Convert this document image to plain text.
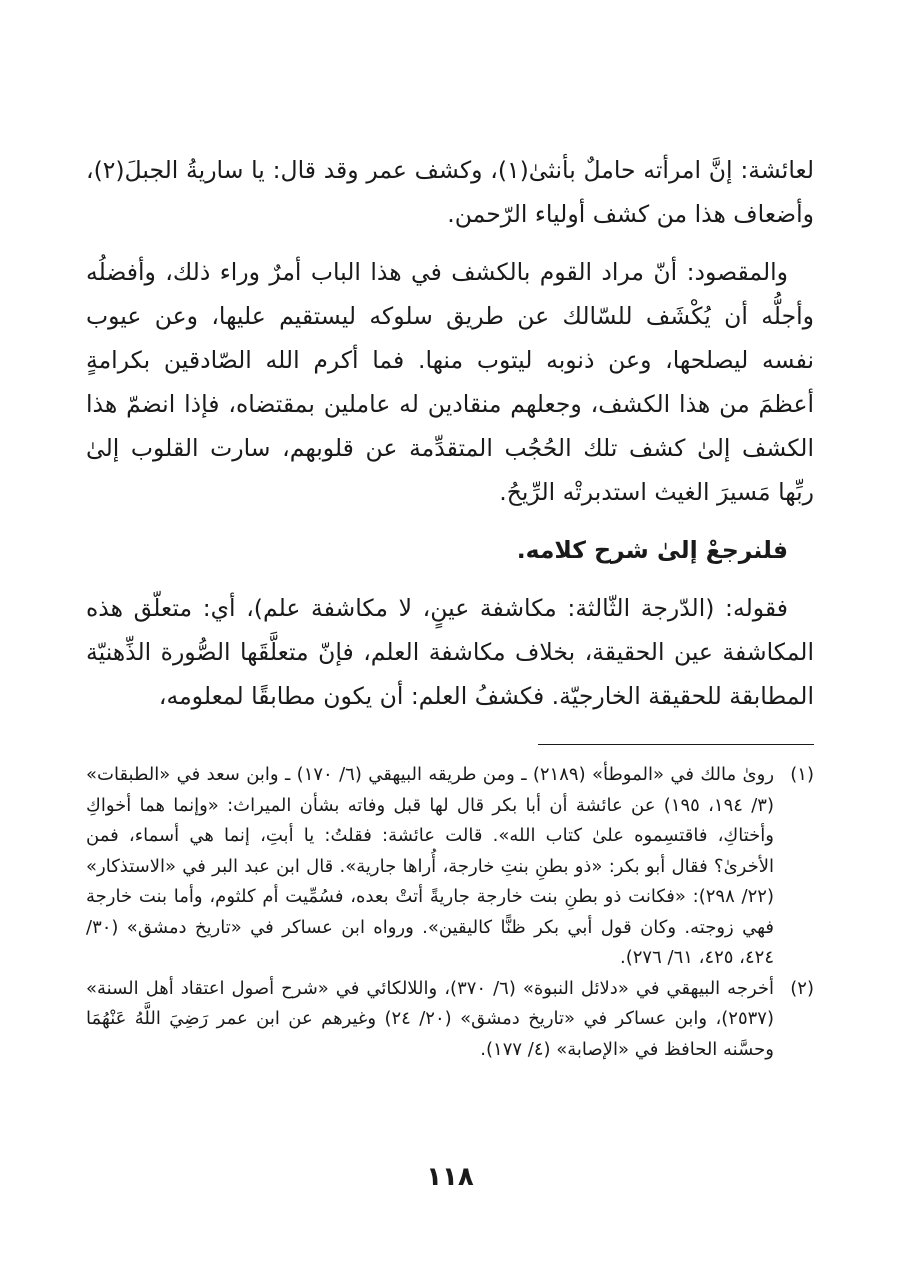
لعائشة: إنَّ امرأته حاملٌ بأنثىٰ(١)، وكشف عمر وقد قال: يا ساريةُ الجبلَ(٢)، وأضعاف هذا من كشف أولياء الرّحمن.

والمقصود: أنّ مراد القوم بالكشف في هذا الباب أمرٌ وراء ذلك، وأفضلُه وأجلُّه أن يُكْشَف للسّالك عن طريق سلوكه ليستقيم عليها، وعن عيوب نفسه ليصلحها، وعن ذنوبه ليتوب منها. فما أكرم الله الصّادقين بكرامةٍ أعظمَ من هذا الكشف، وجعلهم منقادين له عاملين بمقتضاه، فإذا انضمّ هذا الكشف إلىٰ كشف تلك الحُجُب المتقدِّمة عن قلوبهم، سارت القلوب إلىٰ ربِّها مَسيرَ الغيث استدبرتْه الرِّيحُ.

فلنرجعْ إلىٰ شرح كلامه.

فقوله: (الدّرجة الثّالثة: مكاشفة عينٍ، لا مكاشفة علم)، أي: متعلّق هذه المكاشفة عين الحقيقة، بخلاف مكاشفة العلم، فإنّ متعلَّقَها الصُّورة الذِّهنيّة المطابقة للحقيقة الخارجيّة. فكشفُ العلم: أن يكون مطابقًا لمعلومه،

(١)
روىٰ مالك في «الموطأ» (٢١٨٩) ـ ومن طريقه البيهقي (٦/ ١٧٠) ـ وابن سعد في «الطبقات» (٣/ ١٩٤، ١٩٥) عن عائشة أن أبا بكر قال لها قبل وفاته بشأن الميراث: «وإنما هما أخواكِ وأختاكِ، فاقتسِموه علىٰ كتاب الله». قالت عائشة: فقلتُ: يا أبتِ، إنما هي أسماء، فمن الأخرىٰ؟ فقال أبو بكر: «ذو بطنِ بنتِ خارجة، أُراها جارية». قال ابن عبد البر في «الاستذكار» (٢٢/ ٢٩٨): «فكانت ذو بطنِ بنت خارجة جاريةً أتتْ بعده، فسُمِّيت أم كلثوم، وأما بنت خارجة فهي زوجته. وكان قول أبي بكر ظنًّا كاليقين». ورواه ابن عساكر في «تاريخ دمشق» (٣٠/ ٤٢٤، ٤٢٥، ٦١/ ٢٧٦).
(٢)
أخرجه البيهقي في «دلائل النبوة» (٦/ ٣٧٠)، واللالكائي في «شرح أصول اعتقاد أهل السنة» (٢٥٣٧)، وابن عساكر في «تاريخ دمشق» (٢٠/ ٢٤) وغيرهم عن ابن عمر رَضِيَ اللَّهُ عَنْهُمَا وحسَّنه الحافظ في «الإصابة» (٤/ ١٧٧).
١١٨
